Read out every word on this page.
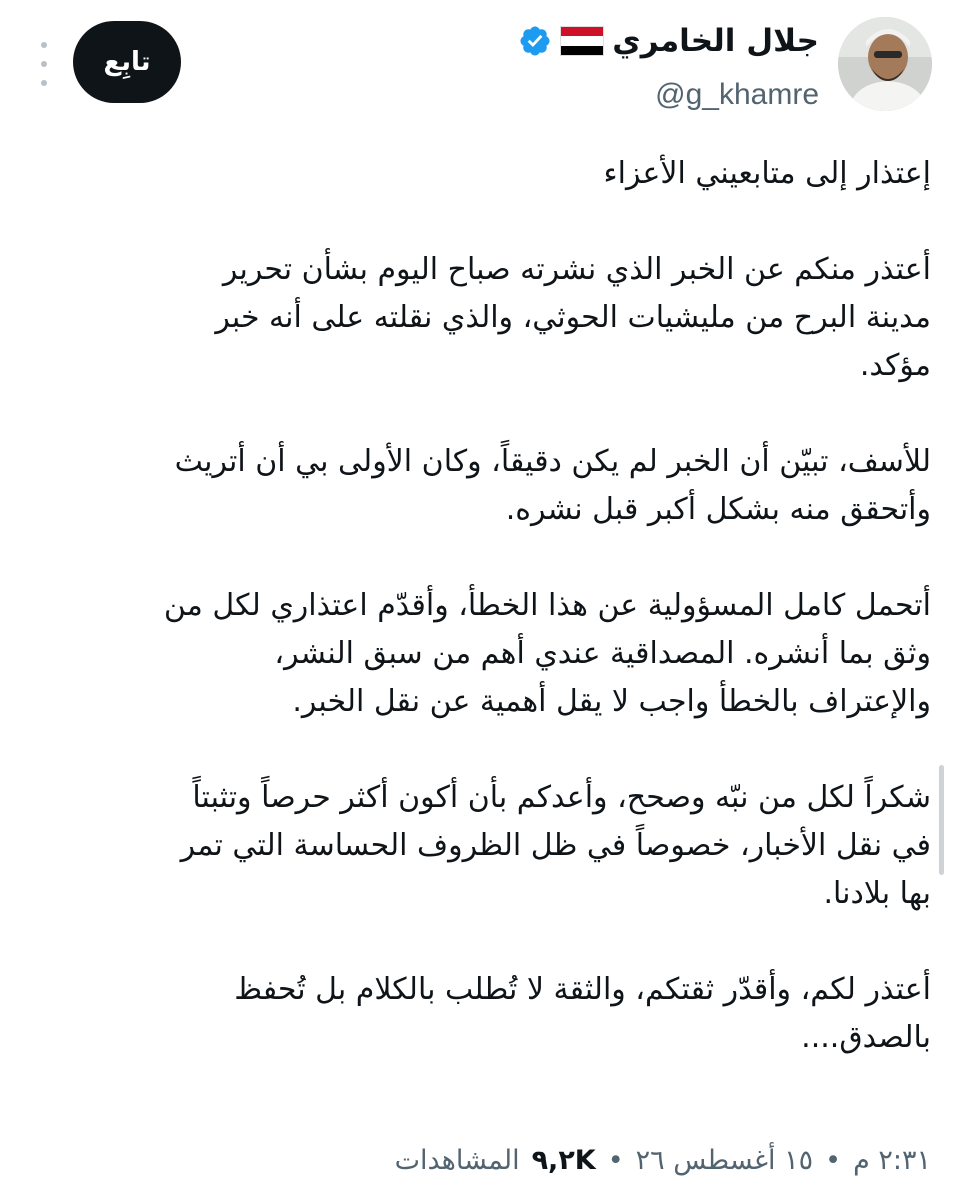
جلال الخامري
@g_khamre
تابِع

إعتذار إلى متابعيني الأعزاء

أعتذر منكم عن الخبر الذي نشرته صباح اليوم بشأن تحرير
مدينة البرح من مليشيات الحوثي، والذي نقلته على أنه خبر
مؤكد.

للأسف، تبيّن أن الخبر لم يكن دقيقاً، وكان الأولى بي أن أتريث
وأتحقق منه بشكل أكبر قبل نشره.

أتحمل كامل المسؤولية عن هذا الخطأ، وأقدّم اعتذاري لكل من
وثق بما أنشره. المصداقية عندي أهم من سبق النشر،
والإعتراف بالخطأ واجب لا يقل أهمية عن نقل الخبر.

شكراً لكل من نبّه وصحح، وأعدكم بأن أكون أكثر حرصاً وتثبتاً
في نقل الأخبار، خصوصاً في ظل الظروف الحساسة التي تمر
بها بلادنا.

أعتذر لكم، وأقدّر ثقتكم، والثقة لا تُطلب بالكلام بل تُحفظ
بالصدق....

٢:٣١ م
•
١٥ أغسطس ٢٦
•
٩,٢K
المشاهدات
